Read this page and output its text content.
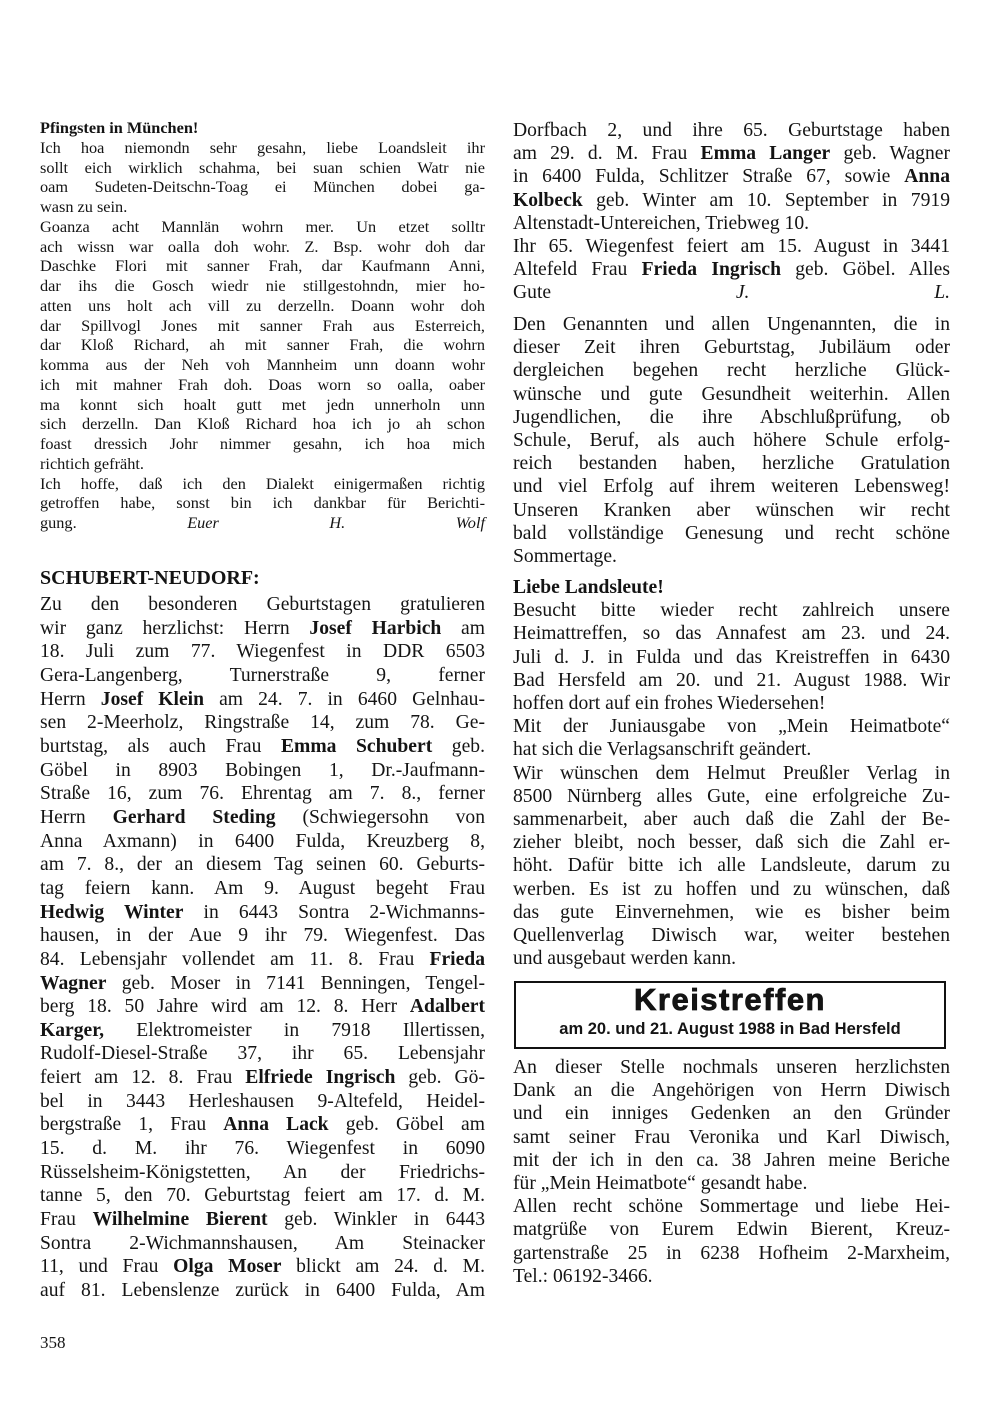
Pfingsten in München!
Ich hoa niemondn sehr gesahn, liebe Loandsleit ihr
sollt eich wirklich schahma, bei suan schien Watr nie
oam Sudeten-Deitschn-Toag ei München dobei ga-
wasn zu sein.
Goanza acht Mannlän wohrn mer. Un etzet solltr
ach wissn war oalla doh wohr. Z. Bsp. wohr doh dar
Daschke Flori mit sanner Frah, dar Kaufmann Anni,
dar ihs die Gosch wiedr nie stillgestohndn, mier ho-
atten uns holt ach vill zu derzelln. Doann wohr doh
dar Spillvogl Jones mit sanner Frah aus Esterreich,
dar Kloß Richard, ah mit sanner Frah, die wohrn
komma aus der Neh voh Mannheim unn doann wohr
ich mit mahner Frah doh. Doas worn so oalla, oaber
ma konnt sich hoalt gutt met jedn unnerholn unn
sich derzelln. Dan Kloß Richard hoa ich jo ah schon
foast dressich Johr nimmer gesahn, ich hoa mich
richtich gefräht.
Ich hoffe, daß ich den Dialekt einigermaßen richtig
getroffen habe, sonst bin ich dankbar für Berichti-
gung.	Euer H. Wolf
SCHUBERT-NEUDORF:
Zu den besonderen Geburtstagen gratulieren
wir ganz herzlichst: Herrn Josef Harbich am
18. Juli zum 77. Wiegenfest in DDR 6503
Gera-Langenberg, Turnerstraße 9, ferner
Herrn Josef Klein am 24. 7. in 6460 Gelnhau-
sen 2-Meerholz, Ringstraße 14, zum 78. Ge-
burtstag, als auch Frau Emma Schubert geb.
Göbel in 8903 Bobingen 1, Dr.-Jaufmann-
Straße 16, zum 76. Ehrentag am 7. 8., ferner
Herrn Gerhard Steding (Schwiegersohn von
Anna Axmann) in 6400 Fulda, Kreuzberg 8,
am 7. 8., der an diesem Tag seinen 60. Geburts-
tag feiern kann. Am 9. August begeht Frau
Hedwig Winter in 6443 Sontra 2-Wichmanns-
hausen, in der Aue 9 ihr 79. Wiegenfest. Das
84. Lebensjahr vollendet am 11. 8. Frau Frieda
Wagner geb. Moser in 7141 Benningen, Tengel-
berg 18. 50 Jahre wird am 12. 8. Herr Adalbert
Karger, Elektromeister in 7918 Illertissen,
Rudolf-Diesel-Straße 37, ihr 65. Lebensjahr
feiert am 12. 8. Frau Elfriede Ingrisch geb. Gö-
bel in 3443 Herleshausen 9-Altefeld, Heidel-
bergstraße 1, Frau Anna Lack geb. Göbel am
15. d. M. ihr 76. Wiegenfest in 6090
Rüsselsheim-Königstetten, An der Friedrichs-
tanne 5, den 70. Geburtstag feiert am 17. d. M.
Frau Wilhelmine Bierent geb. Winkler in 6443
Sontra 2-Wichmannshausen, Am Steinacker
11, und Frau Olga Moser blickt am 24. d. M.
auf 81. Lebenslenze zurück in 6400 Fulda, Am
Dorfbach 2, und ihre 65. Geburtstage haben
am 29. d. M. Frau Emma Langer geb. Wagner
in 6400 Fulda, Schlitzer Straße 67, sowie Anna
Kolbeck geb. Winter am 10. September in 7919
Altenstadt-Untereichen, Triebweg 10.
Ihr 65. Wiegenfest feiert am 15. August in 3441
Altefeld Frau Frieda Ingrisch geb. Göbel. Alles
Gute	J. L.
Den Genannten und allen Ungenannten, die in
dieser Zeit ihren Geburtstag, Jubiläum oder
dergleichen begehen recht herzliche Glück-
wünsche und gute Gesundheit weiterhin. Allen
Jugendlichen, die ihre Abschlußprüfung, ob
Schule, Beruf, als auch höhere Schule erfolg-
reich bestanden haben, herzliche Gratulation
und viel Erfolg auf ihrem weiteren Lebensweg!
Unseren Kranken aber wünschen wir recht
bald vollständige Genesung und recht schöne
Sommertage.
Liebe Landsleute!
Besucht bitte wieder recht zahlreich unsere
Heimattreffen, so das Annafest am 23. und 24.
Juli d. J. in Fulda und das Kreistreffen in 6430
Bad Hersfeld am 20. und 21. August 1988. Wir
hoffen dort auf ein frohes Wiedersehen!
Mit der Juniausgabe von „Mein Heimatbote“
hat sich die Verlagsanschrift geändert.
Wir wünschen dem Helmut Preußler Verlag in
8500 Nürnberg alles Gute, eine erfolgreiche Zu-
sammenarbeit, aber auch daß die Zahl der Be-
zieher bleibt, noch besser, daß sich die Zahl er-
höht. Dafür bitte ich alle Landsleute, darum zu
werben. Es ist zu hoffen und zu wünschen, daß
das gute Einvernehmen, wie es bisher beim
Quellenverlag Diwisch war, weiter bestehen
und ausgebaut werden kann.
Kreistreffen
am 20. und 21. August 1988 in Bad Hersfeld
An dieser Stelle nochmals unseren herzlichsten
Dank an die Angehörigen von Herrn Diwisch
und ein inniges Gedenken an den Gründer
samt seiner Frau Veronika und Karl Diwisch,
mit der ich in den ca. 38 Jahren meine Beriche
für „Mein Heimatbote“ gesandt habe.
Allen recht schöne Sommertage und liebe Hei-
matgrüße von Eurem Edwin Bierent, Kreuz-
gartenstraße 25 in 6238 Hofheim 2-Marxheim,
Tel.: 06192-3466.
358
